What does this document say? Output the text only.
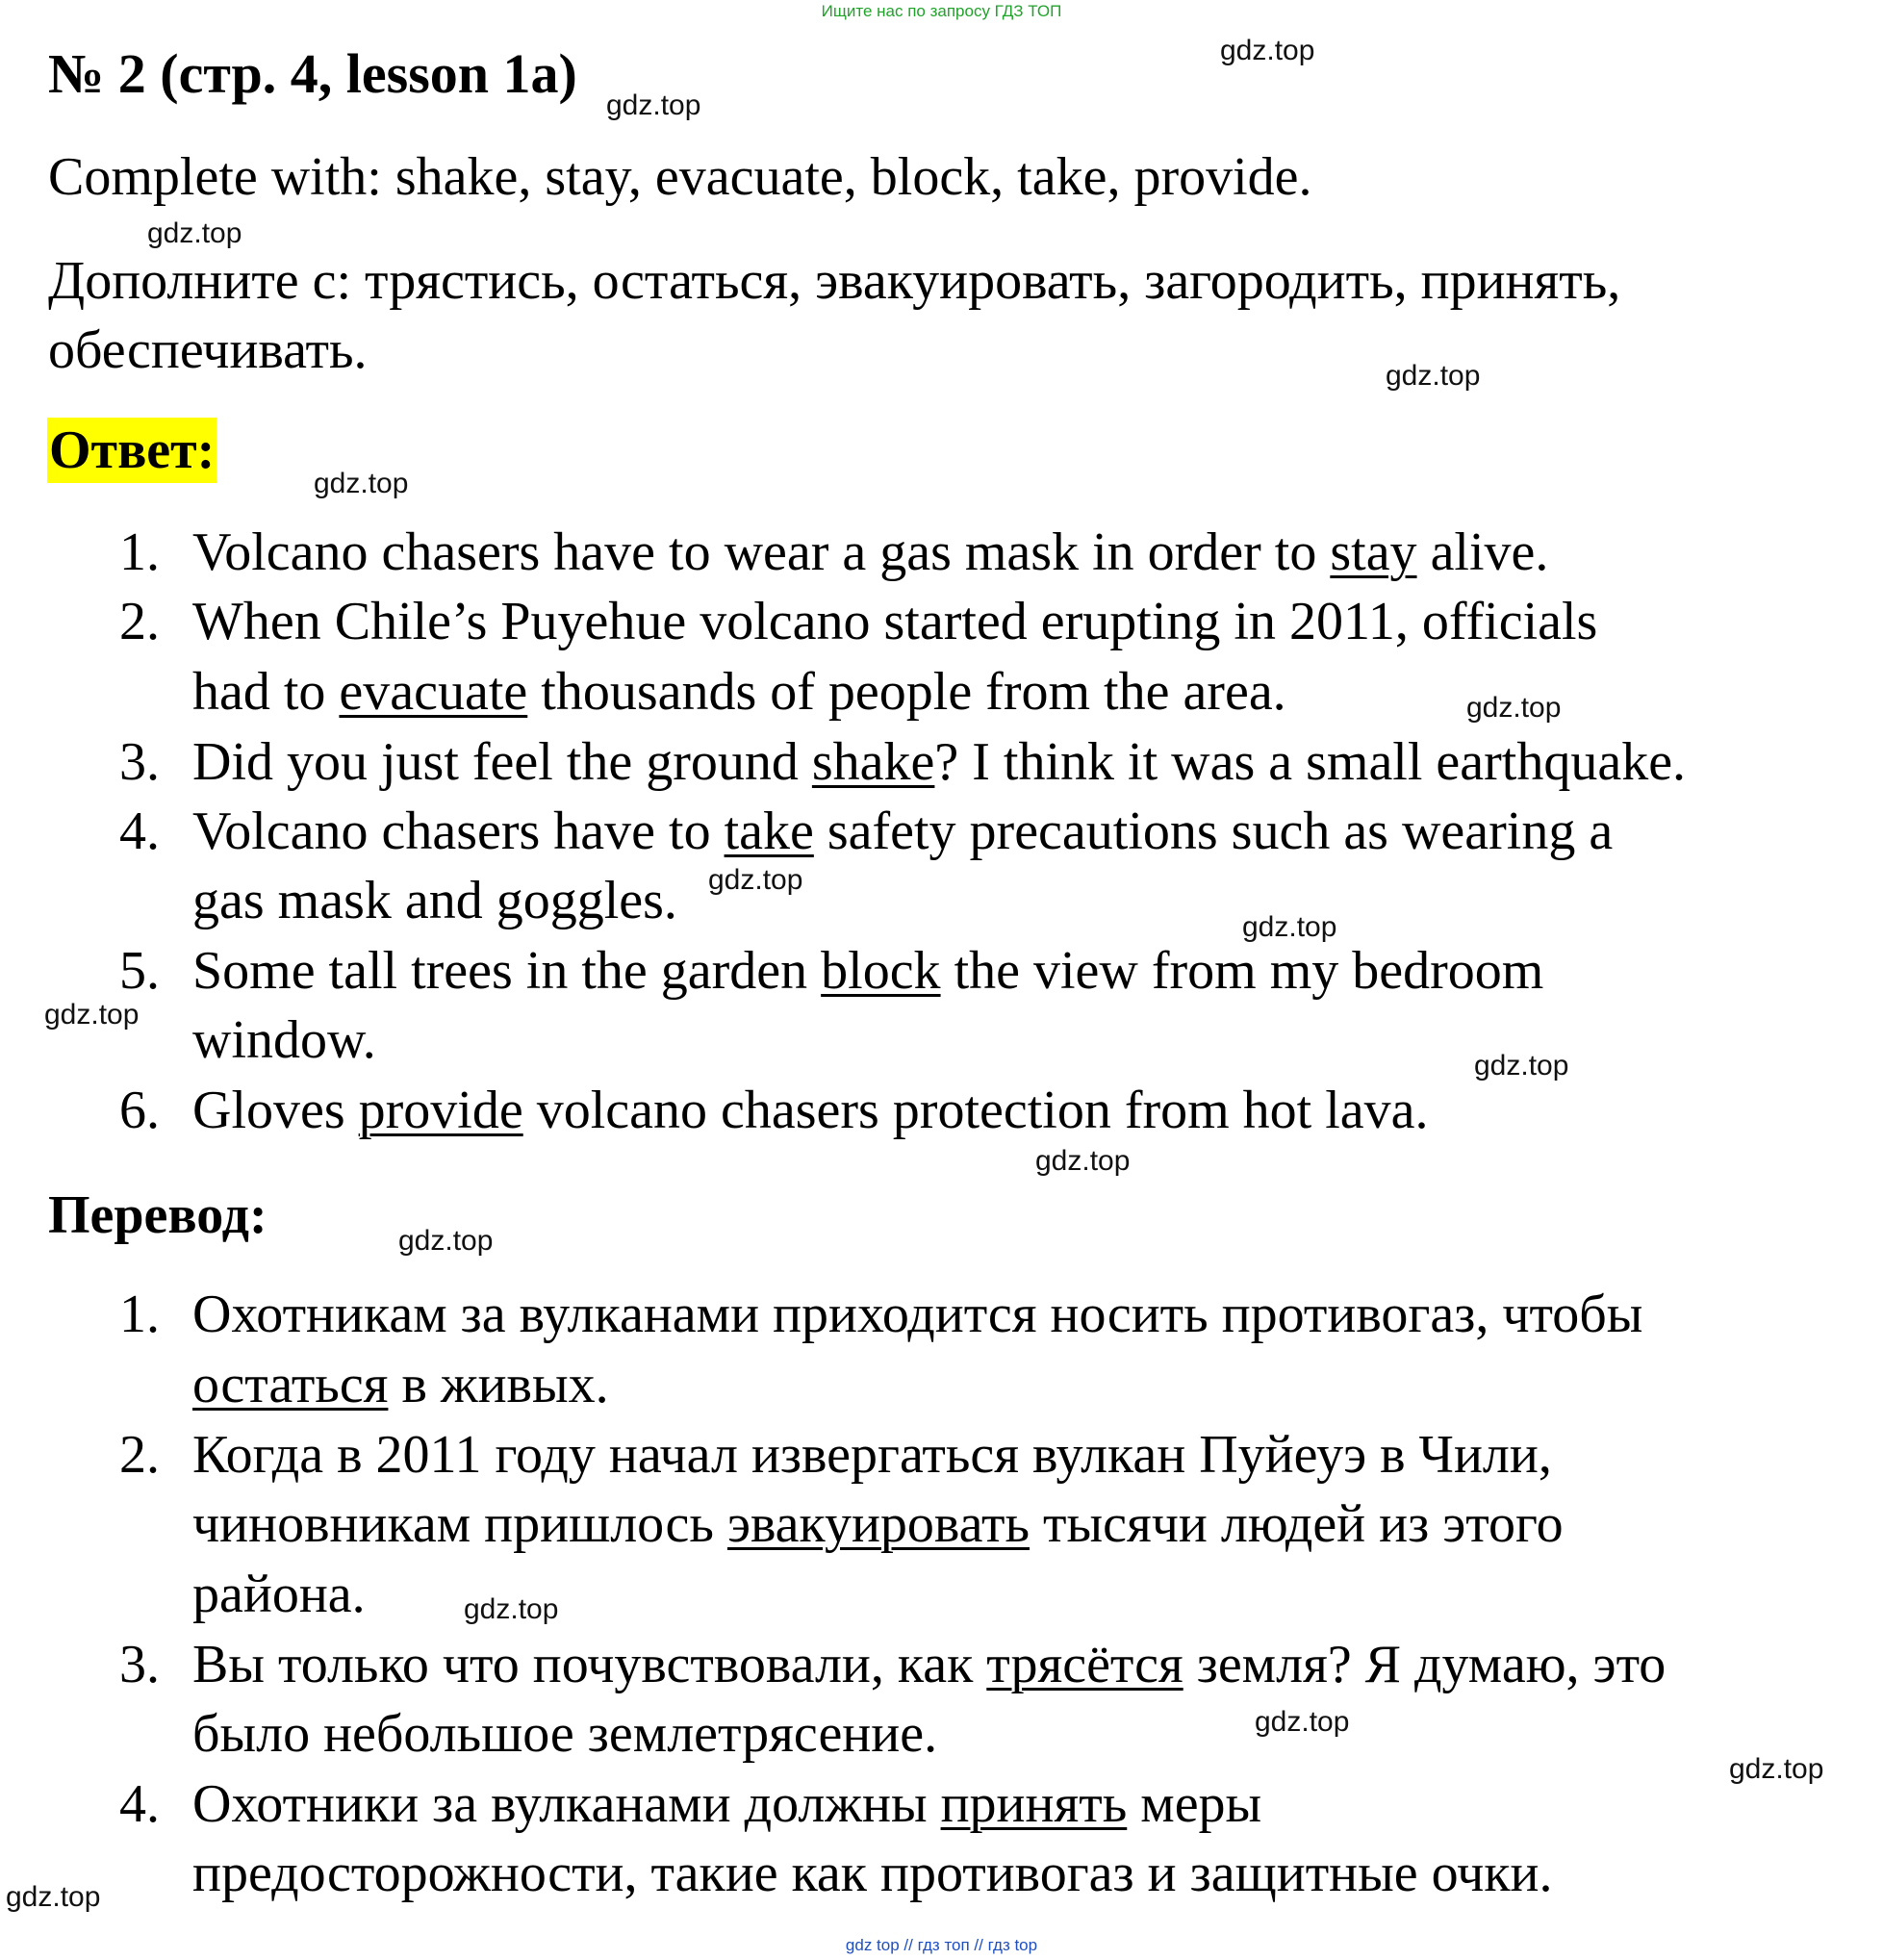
Ищите нас по запросу ГДЗ ТОП
№ 2 (стр. 4, lesson 1a)
Complete with: shake, stay, evacuate, block, take, provide.
Дополните с: трястись, остаться, эвакуировать, загородить, принять,
обеспечивать.
Ответ:
1. Volcano chasers have to wear a gas mask in order to stay alive.
2. When Chile’s Puyehue volcano started erupting in 2011, officials
had to evacuate thousands of people from the area.
3. Did you just feel the ground shake? I think it was a small earthquake.
4. Volcano chasers have to take safety precautions such as wearing a
gas mask and goggles.
5. Some tall trees in the garden block the view from my bedroom
window.
6. Gloves provide volcano chasers protection from hot lava.
Перевод:
1. Охотникам за вулканами приходится носить противогаз, чтобы
остаться в живых.
2. Когда в 2011 году начал извергаться вулкан Пуйеуэ в Чили,
чиновникам пришлось эвакуировать тысячи людей из этого
района.
3. Вы только что почувствовали, как трясётся земля? Я думаю, это
было небольшое землетрясение.
4. Охотники за вулканами должны принять меры
предосторожности, такие как противогаз и защитные очки.
gdz.top
gdz.top
gdz.top
gdz.top
gdz.top
gdz.top
gdz.top
gdz.top
gdz.top
gdz.top
gdz.top
gdz.top
gdz.top
gdz.top
gdz.top
gdz.top
gdz top // гдз топ // гдз top
